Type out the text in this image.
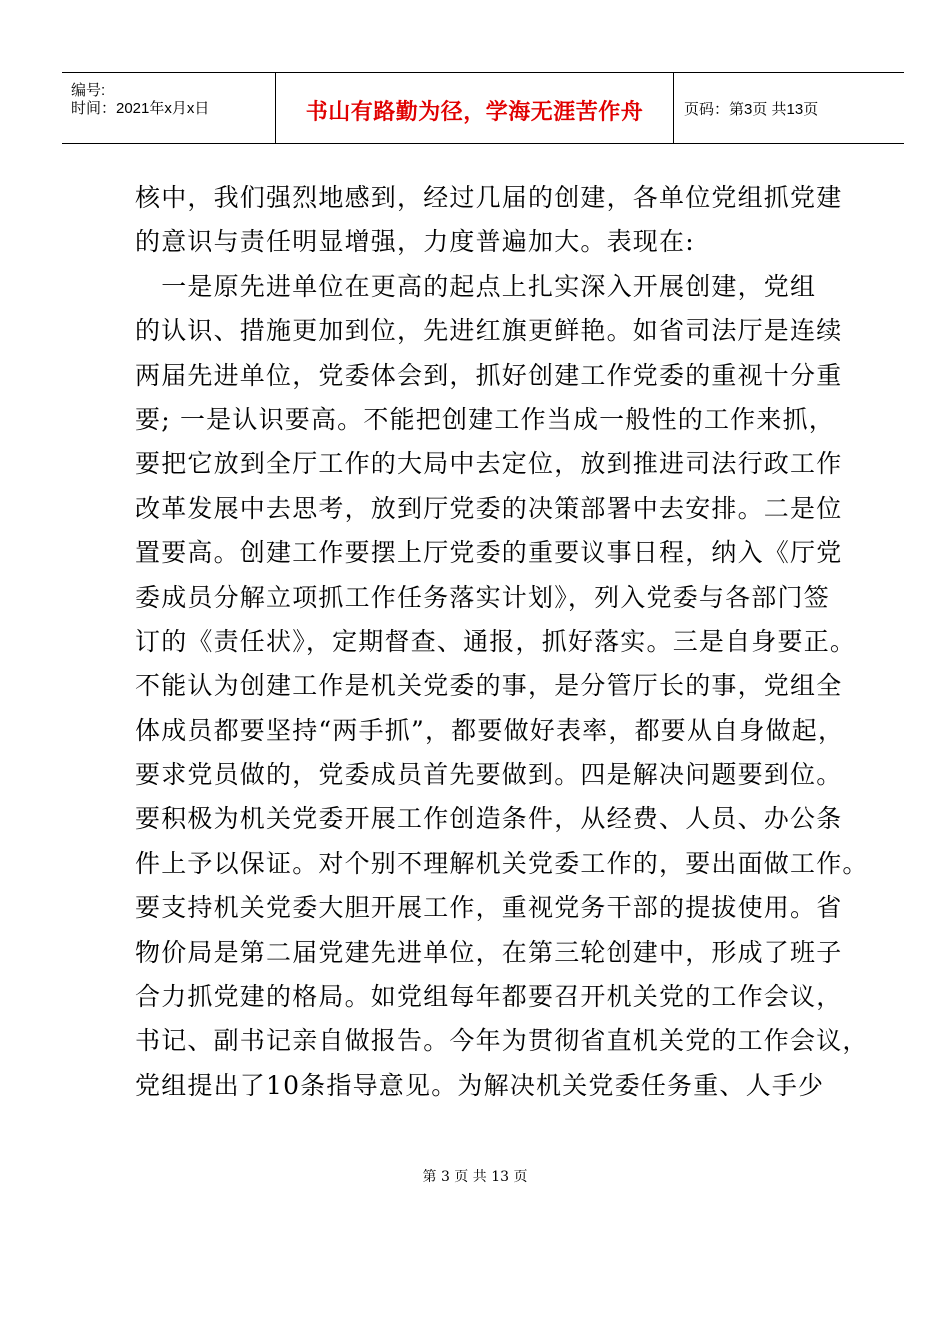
编号:
时间：2021年x月x日	书山有路勤为径，学海无涯苦作舟	页码：第3页 共13页
核中，我们强烈地感到，经过几届的创建，各单位党组抓党建
的意识与责任明显增强，力度普遍加大。表现在:
　一是原先进单位在更高的起点上扎实深入开展创建，党组
的认识、措施更加到位，先进红旗更鲜艳。如省司法厅是连续
两届先进单位，党委体会到，抓好创建工作党委的重视十分重
要; 一是认识要高。不能把创建工作当成一般性的工作来抓，
要把它放到全厅工作的大局中去定位，放到推进司法行政工作
改革发展中去思考，放到厅党委的决策部署中去安排。二是位
置要高。创建工作要摆上厅党委的重要议事日程，纳入《厅党
委成员分解立项抓工作任务落实计划》，列入党委与各部门签
订的《责任状》，定期督查、通报，抓好落实。三是自身要正。
不能认为创建工作是机关党委的事，是分管厅长的事，党组全
体成员都要坚持“两手抓”，都要做好表率，都要从自身做起，
要求党员做的，党委成员首先要做到。四是解决问题要到位。
要积极为机关党委开展工作创造条件，从经费、人员、办公条
件上予以保证。对个别不理解机关党委工作的，要出面做工作。
要支持机关党委大胆开展工作，重视党务干部的提拔使用。省
物价局是第二届党建先进单位，在第三轮创建中，形成了班子
合力抓党建的格局。如党组每年都要召开机关党的工作会议，
书记、副书记亲自做报告。今年为贯彻省直机关党的工作会议，
党组提出了10条指导意见。为解决机关党委任务重、人手少
第 3 页 共 13 页
